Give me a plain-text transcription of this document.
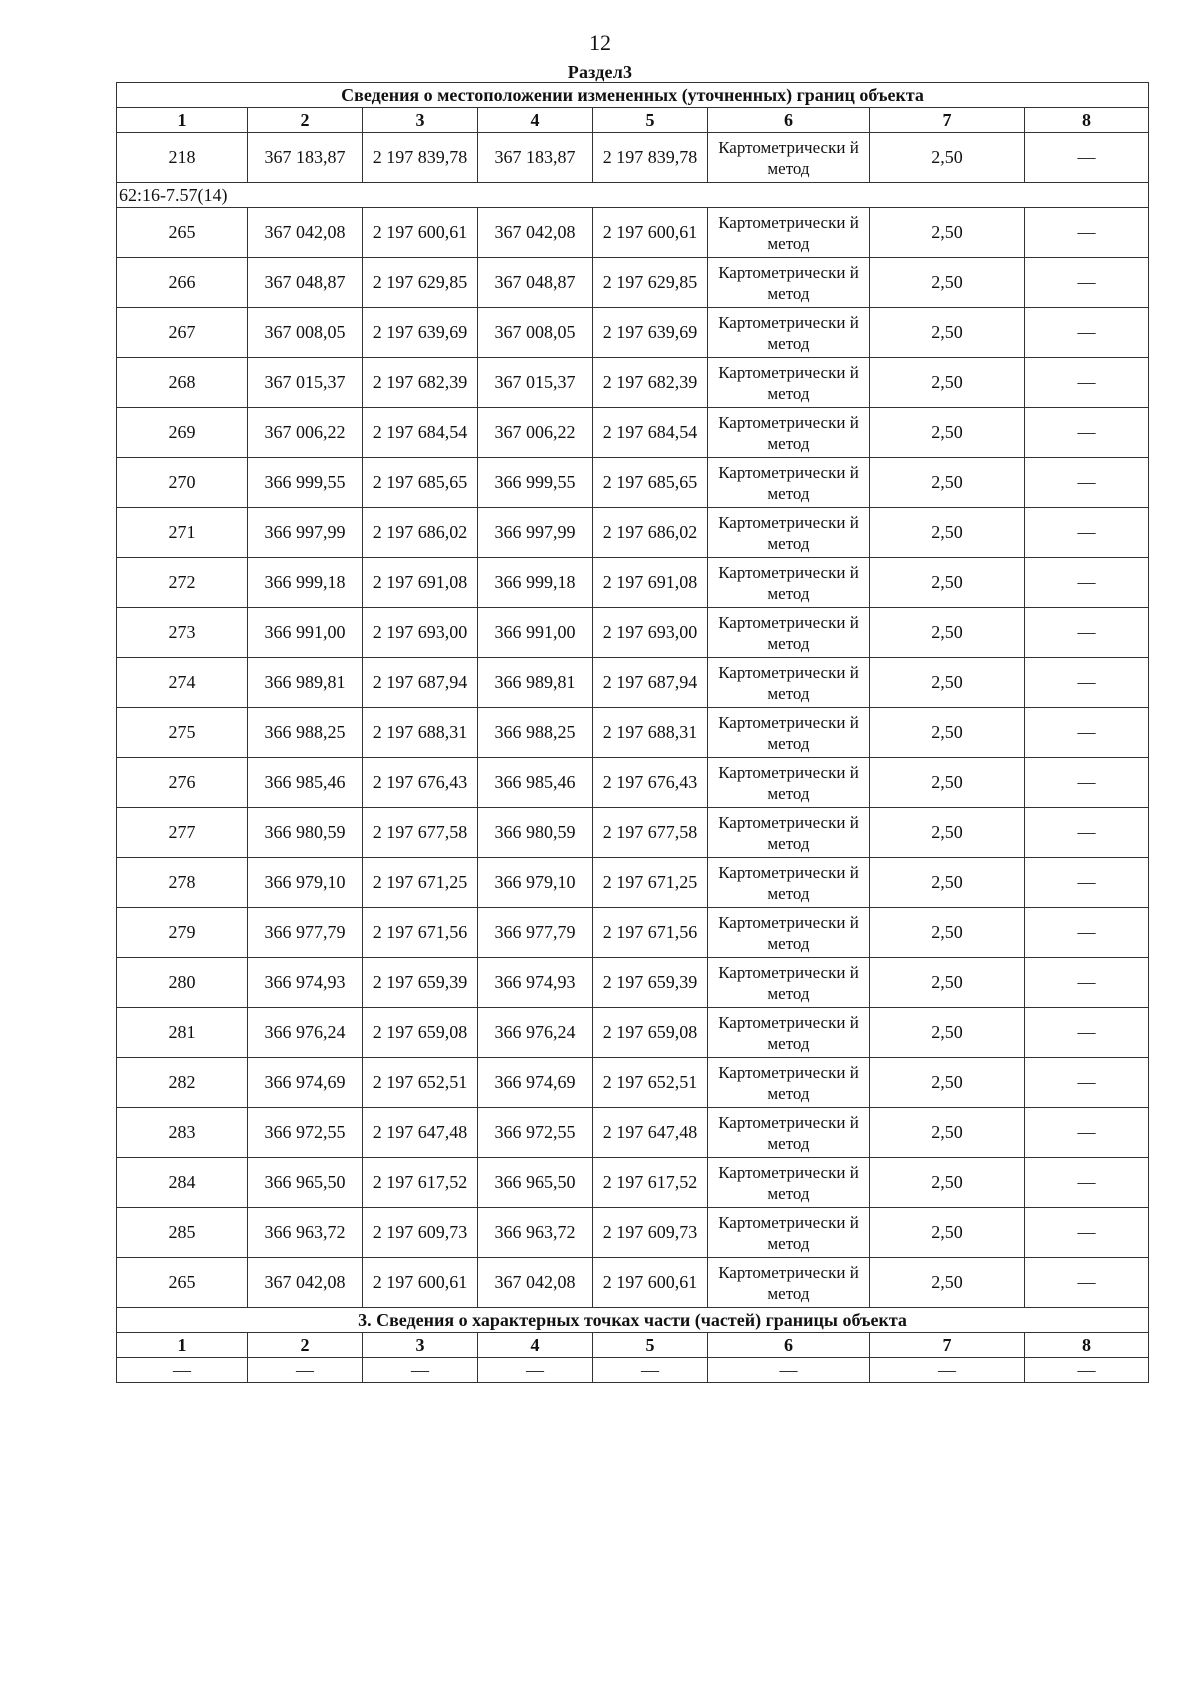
12
Раздел3
Сведения о местоположении измененных (уточненных) границ объекта							
1	2	3	4	5	6	7	8
218	367 183,87	2 197 839,78	367 183,87	2 197 839,78	Картометрически й метод	2,50	—
62:16-7.57(14)							
265	367 042,08	2 197 600,61	367 042,08	2 197 600,61	Картометрически й метод	2,50	—
266	367 048,87	2 197 629,85	367 048,87	2 197 629,85	Картометрически й метод	2,50	—
267	367 008,05	2 197 639,69	367 008,05	2 197 639,69	Картометрически й метод	2,50	—
268	367 015,37	2 197 682,39	367 015,37	2 197 682,39	Картометрически й метод	2,50	—
269	367 006,22	2 197 684,54	367 006,22	2 197 684,54	Картометрически й метод	2,50	—
270	366 999,55	2 197 685,65	366 999,55	2 197 685,65	Картометрически й метод	2,50	—
271	366 997,99	2 197 686,02	366 997,99	2 197 686,02	Картометрически й метод	2,50	—
272	366 999,18	2 197 691,08	366 999,18	2 197 691,08	Картометрически й метод	2,50	—
273	366 991,00	2 197 693,00	366 991,00	2 197 693,00	Картометрически й метод	2,50	—
274	366 989,81	2 197 687,94	366 989,81	2 197 687,94	Картометрически й метод	2,50	—
275	366 988,25	2 197 688,31	366 988,25	2 197 688,31	Картометрически й метод	2,50	—
276	366 985,46	2 197 676,43	366 985,46	2 197 676,43	Картометрически й метод	2,50	—
277	366 980,59	2 197 677,58	366 980,59	2 197 677,58	Картометрически й метод	2,50	—
278	366 979,10	2 197 671,25	366 979,10	2 197 671,25	Картометрически й метод	2,50	—
279	366 977,79	2 197 671,56	366 977,79	2 197 671,56	Картометрически й метод	2,50	—
280	366 974,93	2 197 659,39	366 974,93	2 197 659,39	Картометрически й метод	2,50	—
281	366 976,24	2 197 659,08	366 976,24	2 197 659,08	Картометрически й метод	2,50	—
282	366 974,69	2 197 652,51	366 974,69	2 197 652,51	Картометрически й метод	2,50	—
283	366 972,55	2 197 647,48	366 972,55	2 197 647,48	Картометрически й метод	2,50	—
284	366 965,50	2 197 617,52	366 965,50	2 197 617,52	Картометрически й метод	2,50	—
285	366 963,72	2 197 609,73	366 963,72	2 197 609,73	Картометрически й метод	2,50	—
265	367 042,08	2 197 600,61	367 042,08	2 197 600,61	Картометрически й метод	2,50	—
3. Сведения о характерных точках части (частей) границы объекта							
1	2	3	4	5	6	7	8
—	—	—	—	—	—	—	—
